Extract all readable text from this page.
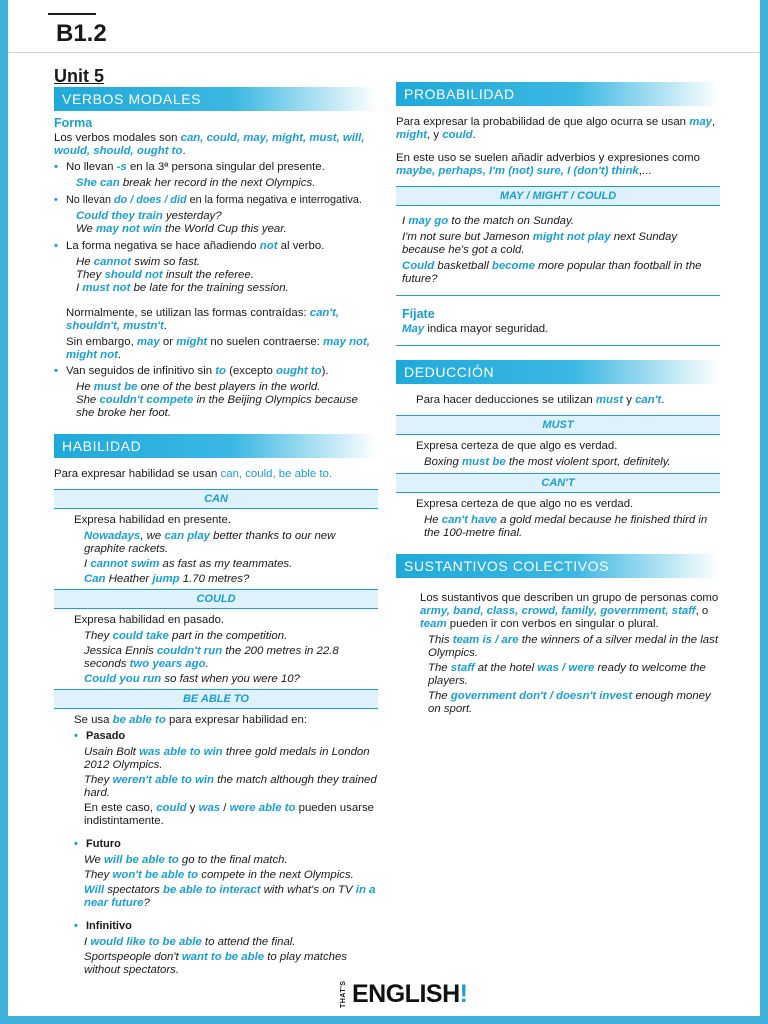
B1.2
Unit 5
VERBOS MODALES
Forma

Los verbos modales son can, could, may, might, must, will, would, should, ought to.

• No llevan -s en la 3ª persona singular del presente.
She can break her record in the next Olympics.
• No llevan do / does / did en la forma negativa e interrogativa.
Could they train yesterday?
We may not win the World Cup this year.
• La forma negativa se hace añadiendo not al verbo.
He cannot swim so fast.
They should not insult the referee.
I must not be late for the training session.

Normalmente, se utilizan las formas contraídas: can't, shouldn't, mustn't.

Sin embargo, may or might no suelen contraerse: may not, might not.

• Van seguidos de infinitivo sin to (excepto ought to).
He must be one of the best players in the world.
She couldn't compete in the Beijing Olympics because she broke her foot.
HABILIDAD

Para expresar habilidad se usan can, could, be able to.

CAN

Expresa habilidad en presente.

Nowadays, we can play better thanks to our new graphite rackets.
I cannot swim as fast as my teammates.
Can Heather jump 1.70 metres?
COULD

Expresa habilidad en pasado.

They could take part in the competition.
Jessica Ennis couldn't run the 200 metres in 22.8 seconds two years ago.
Could you run so fast when you were 10?
BE ABLE TO

Se usa be able to para expresar habilidad en:

• Pasado
Usain Bolt was able to win three gold medals in London 2012 Olympics.
They weren't able to win the match although they trained hard.

En este caso, could y was / were able to pueden usarse indistintamente.

• Futuro
We will be able to go to the final match.
They won't be able to compete in the next Olympics.
Will spectators be able to interact with what's on TV in a near future?
• Infinitivo
I would like to be able to attend the final.
Sportspeople don't want to be able to play matches without spectators.
PROBABILIDAD

Para expresar la probabilidad de que algo ocurra se usan may, might, y could.

En este uso se suelen añadir adverbios y expresiones como maybe, perhaps, I'm (not) sure, I (don't) think,...

MAY / MIGHT / COULD

I may go to the match on Sunday.

I'm not sure but Jameson might not play next Sunday because he's got a cold.

Could basketball become more popular than football in the future?

Fíjate

May indica mayor seguridad.

DEDUCCIÓN

Para hacer deducciones se utilizan must y can't.

MUST

Expresa certeza de que algo es verdad.

Boxing must be the most violent sport, definitely.
CAN'T

Expresa certeza de que algo no es verdad.

He can't have a gold medal because he finished third in the 100-metre final.
SUSTANTIVOS COLECTIVOS

Los sustantivos que describen un grupo de personas como army, band, class, crowd, family, government, staff, o team pueden ir con verbos en singular o plural.

This team is / are the winners of a silver medal in the last Olympics.
The staff at the hotel was / were ready to welcome the players.
The government don't / doesn't invest enough money on sport.
THAT'S ENGLISH!
